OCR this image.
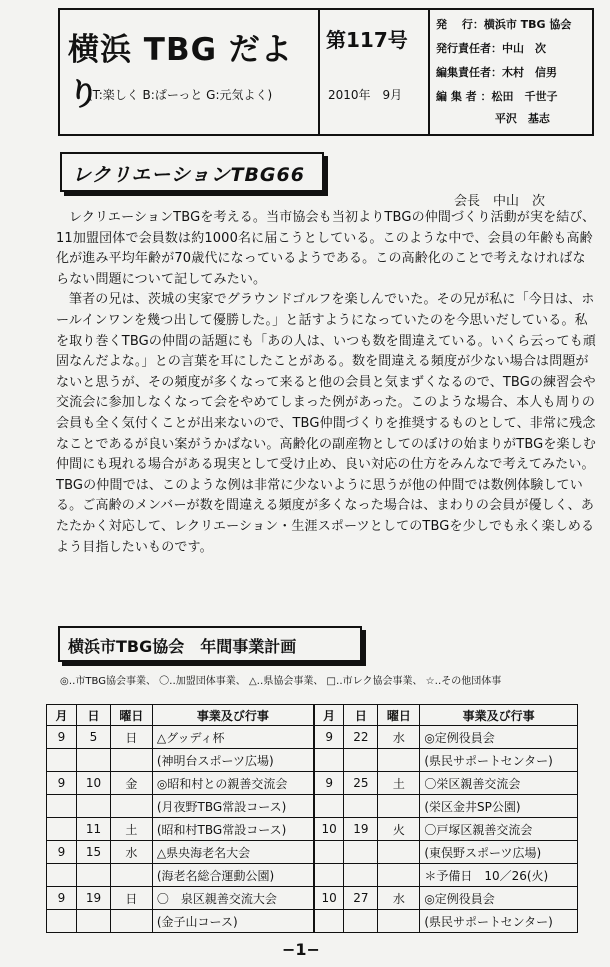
横浜 TBG だより
(T:楽しく B:ぱーっと G:元気よく)
第117号
2010年　9月
発　 行：横浜市 TBG 協会
発行責任者：中山　次
編集責任者：木村　信男
編 集 者 ：松田　千世子
　　　　　 平沢　基志
レクリエーションTBG66
会長　中山　次

レクリエーションTBGを考える。当市協会も当初よりTBGの仲間づくり活動が実を結び、11加盟団体で会員数は約1000名に届こうとしている。このような中で、会員の年齢も高齢化が進み平均年齢が70歳代になっているようである。この高齢化のことで考えなければならない問題について記してみたい。

筆者の兄は、茨城の実家でグラウンドゴルフを楽しんでいた。その兄が私に「今日は、ホールインワンを幾つ出して優勝した。」と話すようになっていたのを今思いだしている。私を取り巻くTBGの仲間の話題にも「あの人は、いつも数を間違えている。いくら云っても頑固なんだよな。」との言葉を耳にしたことがある。数を間違える頻度が少ない場合は問題がないと思うが、その頻度が多くなって来ると他の会員と気まずくなるので、TBGの練習会や交流会に参加しなくなって会をやめてしまった例があった。このような場合、本人も周りの会員も全く気付くことが出来ないので、TBG仲間づくりを推奨するものとして、非常に残念なことであるが良い案がうかばない。高齢化の副産物としてのぼけの始まりがTBGを楽しむ仲間にも現れる場合がある現実として受け止め、良い対応の仕方をみんなで考えてみたい。TBGの仲間では、このような例は非常に少ないように思うが他の仲間では数例体験している。ご高齢のメンバーが数を間違える頻度が多くなった場合は、まわりの会員が優しく、あたたかく対応して、レクリエーション・生涯スポーツとしてのTBGを少しでも永く楽しめるよう目指したいものです。

横浜市TBG協会　年間事業計画
◎‥市TBG協会事業、 〇‥加盟団体事業、 △‥県協会事業、 □‥市レク協会事業、 ☆‥その他団体事
月	日	曜日	事業及び行事	月	日	曜日	事業及び行事
9	5	日	△グッディ杯	9	22	水	◎定例役員会
			(神明台スポーツ広場)				(県民サポートセンター)
9	10	金	◎昭和村との親善交流会	9	25	土	〇栄区親善交流会
			(月夜野TBG常設コース)				(栄区金井SP公園)
	11	土	(昭和村TBG常設コース)	10	19	火	〇戸塚区親善交流会
9	15	水	△県央海老名大会				(東俣野スポーツ広場)
			(海老名総合運動公園)				＊予備日　10／26(火)
9	19	日	〇　泉区親善交流大会	10	27	水	◎定例役員会
			(金子山コース)				(県民サポートセンター)
−1−
